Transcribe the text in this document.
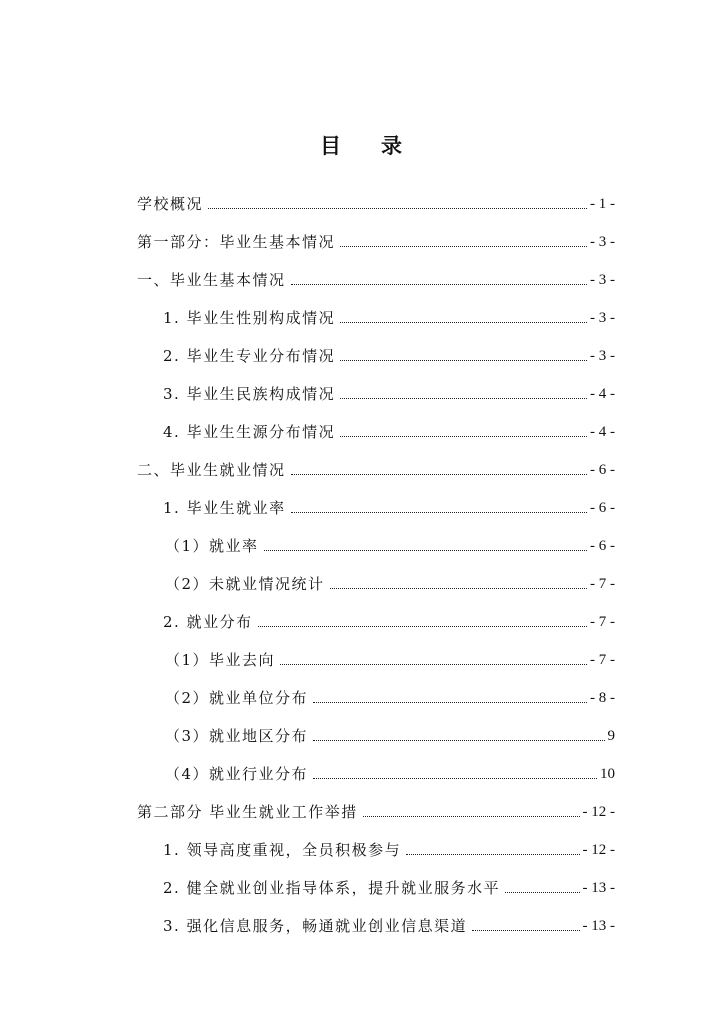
目 录
学校概况	- 1 -
第一部分：毕业生基本情况	- 3 -
一、毕业生基本情况	- 3 -
1. 毕业生性别构成情况	- 3 -
2. 毕业生专业分布情况	- 3 -
3. 毕业生民族构成情况	- 4 -
4. 毕业生生源分布情况	- 4 -
二、毕业生就业情况	- 6 -
1. 毕业生就业率	- 6 -
（1）就业率	- 6 -
（2）未就业情况统计	- 7 -
2. 就业分布	- 7 -
（1）毕业去向	- 7 -
（2）就业单位分布	- 8 -
（3）就业地区分布	9
（4）就业行业分布	10
第二部分 毕业生就业工作举措	- 12 -
1. 领导高度重视，全员积极参与	- 12 -
2. 健全就业创业指导体系，提升就业服务水平	- 13 -
3. 强化信息服务，畅通就业创业信息渠道	- 13 -
